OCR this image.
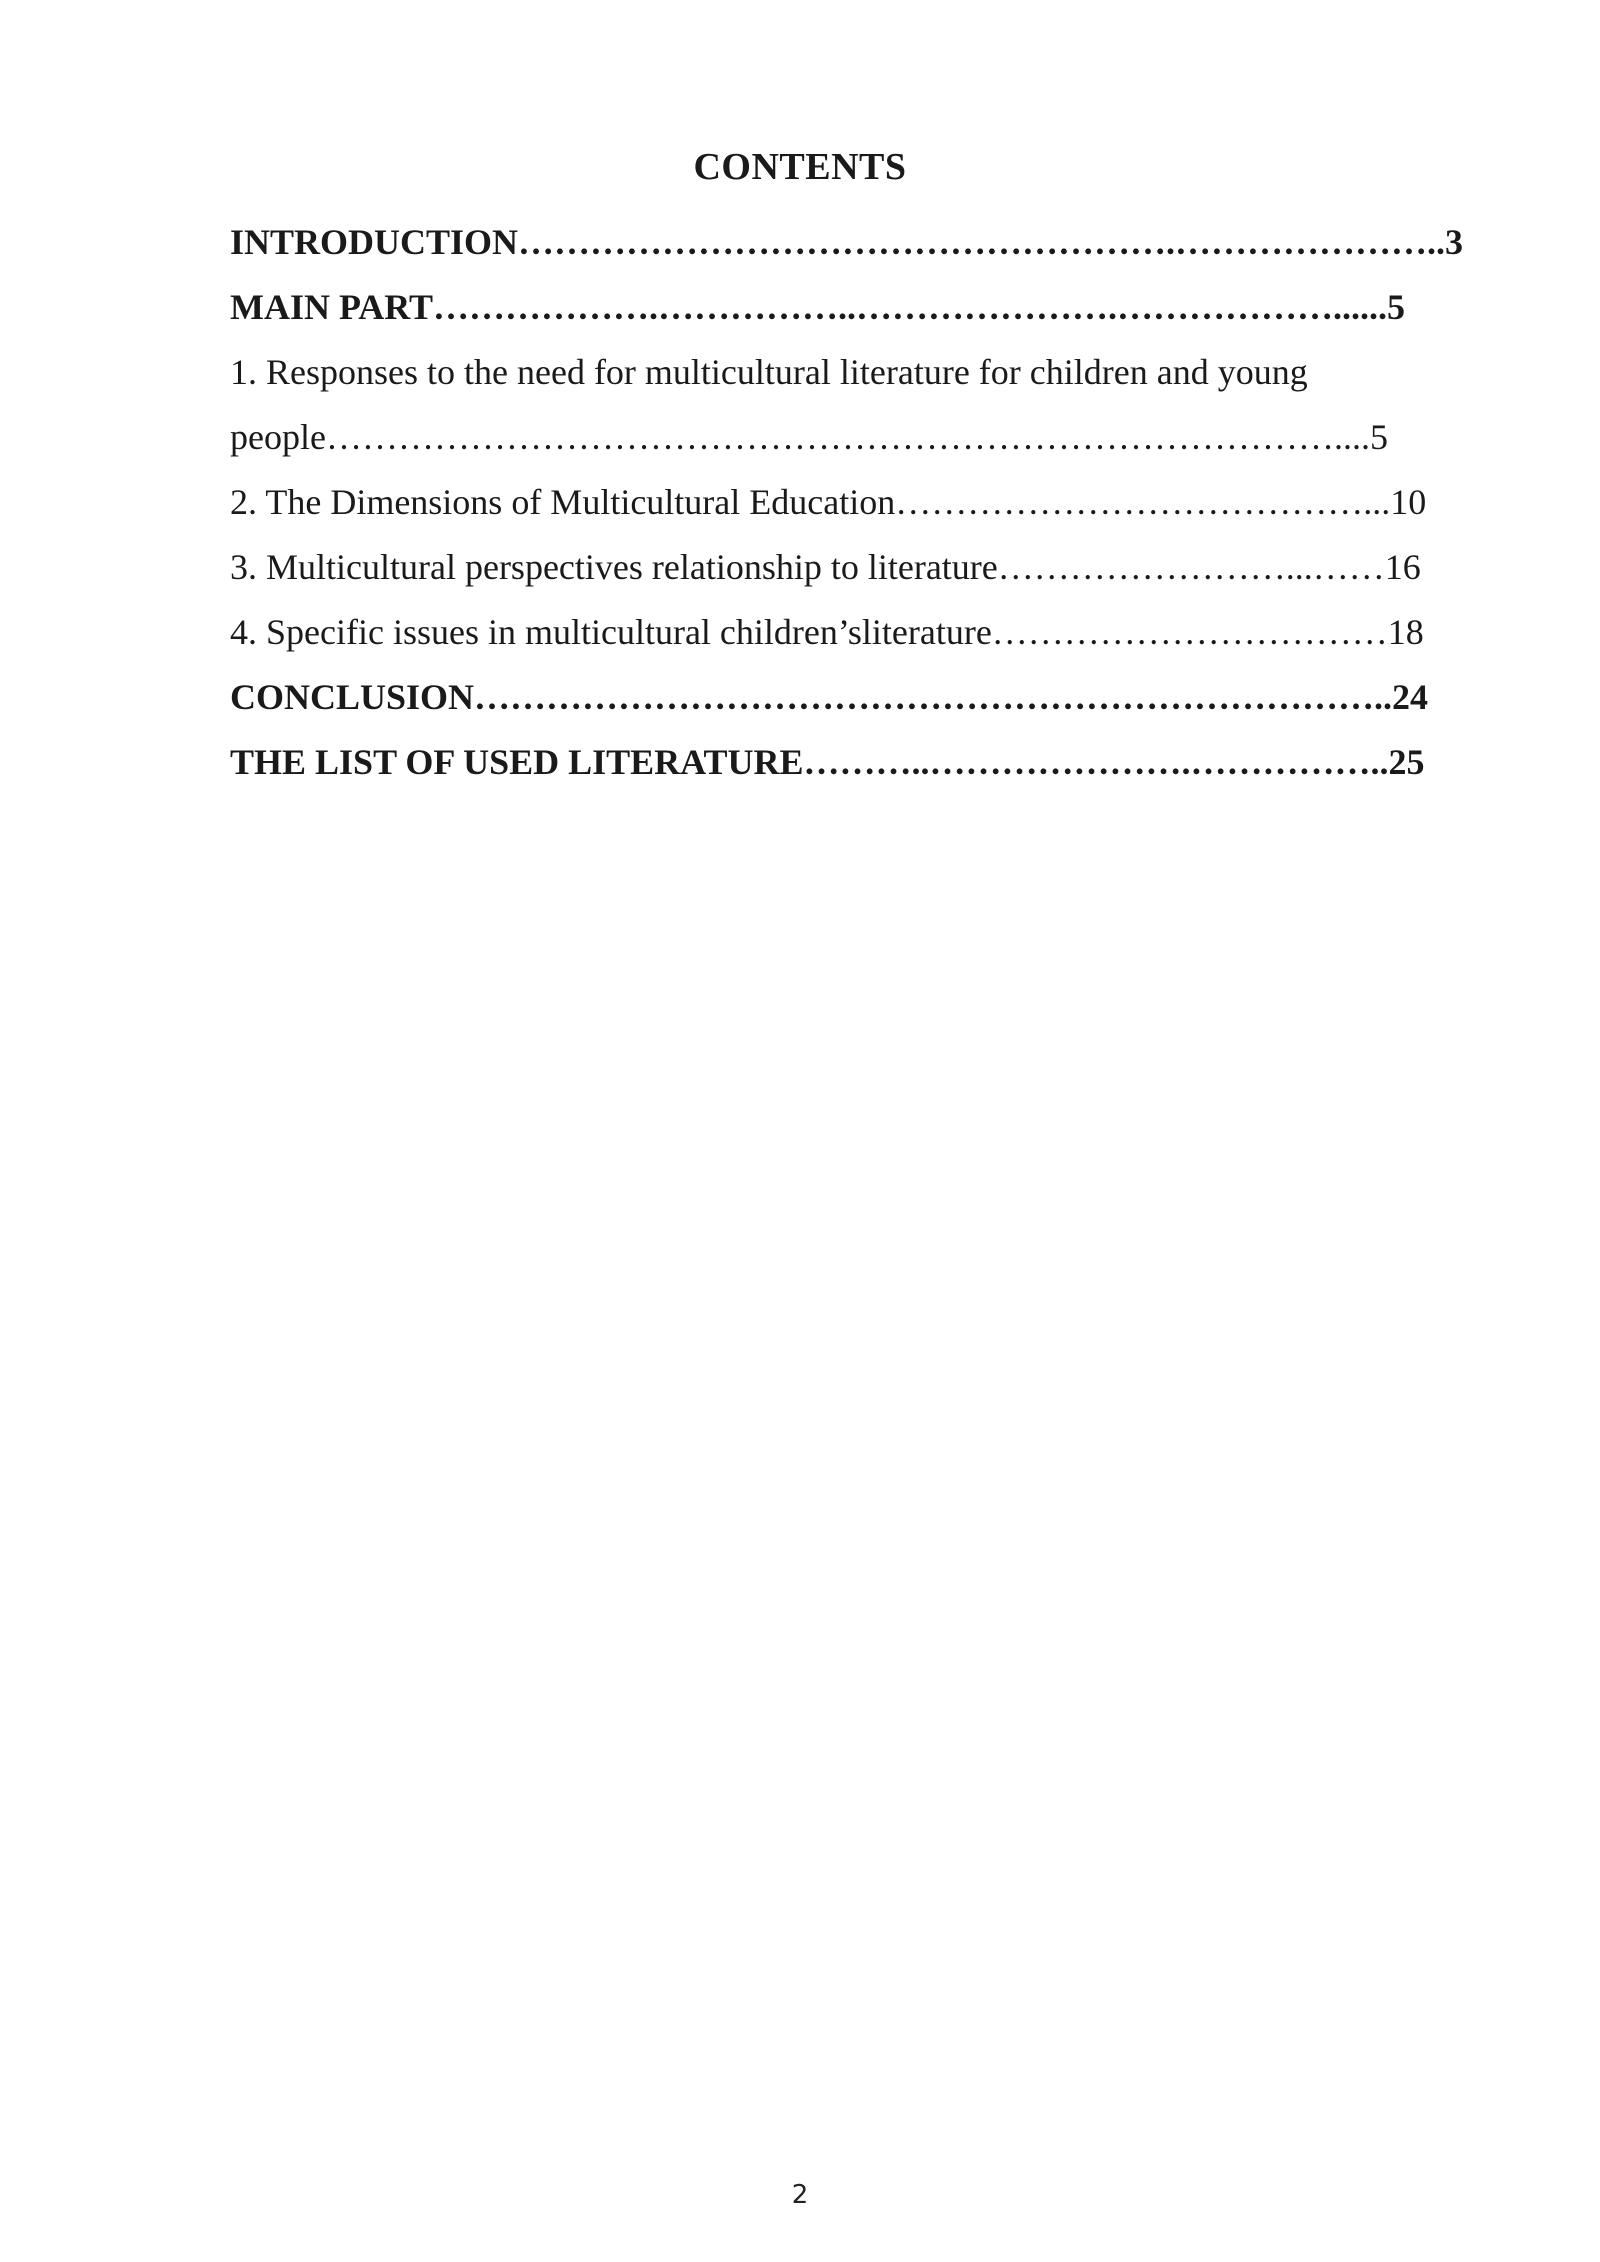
CONTENTS
INTRODUCTION……………………………………………….…………………..3
MAIN PART……………….……………..………………….………………......5
1. Responses to the need for multicultural literature for children and young
people…………………………………………………………………………....5
2. The Dimensions of Multicultural Education…………………………………...10
3. Multicultural perspectives relationship to literature……………………...……16
4. Specific issues in multicultural children’sliterature……………………………18
CONCLUSION…………………………………………………………………..24
THE LIST OF USED LITERATURE………..………………….……………..25
2
